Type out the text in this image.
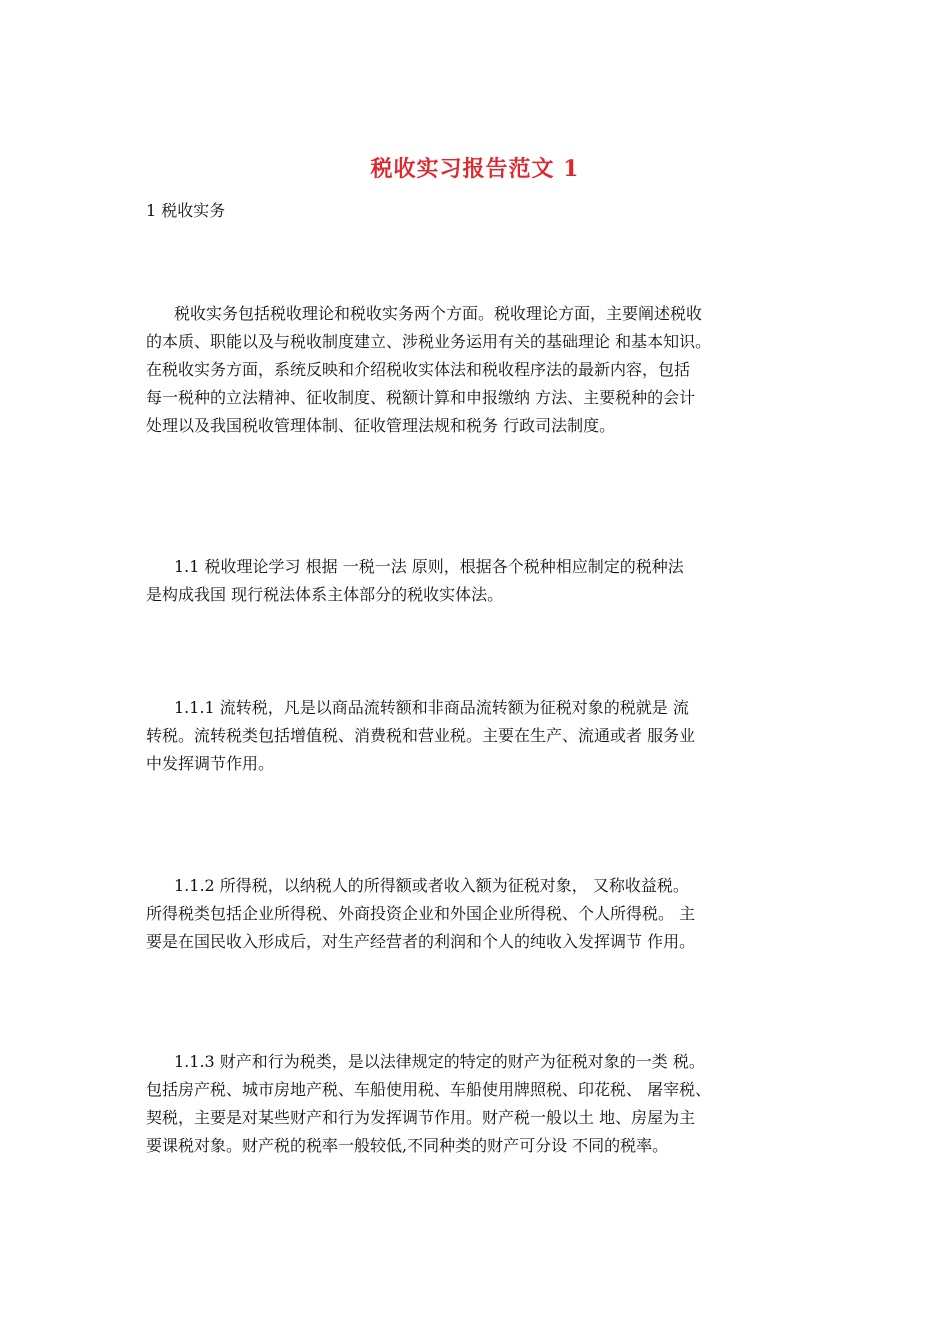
税收实习报告范文 1
1 税收实务
税收实务包括税收理论和税收实务两个方面。税收理论方面，主要阐述税收
的本质、职能以及与税收制度建立、涉税业务运用有关的基础理论 和基本知识。
在税收实务方面，系统反映和介绍税收实体法和税收程序法的最新内容，包括
每一税种的立法精神、征收制度、税额计算和申报缴纳 方法、主要税种的会计
处理以及我国税收管理体制、征收管理法规和税务 行政司法制度。
1.1 税收理论学习 根据 一税一法 原则，根据各个税种相应制定的税种法
是构成我国 现行税法体系主体部分的税收实体法。
1.1.1 流转税，凡是以商品流转额和非商品流转额为征税对象的税就是 流
转税。流转税类包括增值税、消费税和营业税。主要在生产、流通或者 服务业
中发挥调节作用。
1.1.2 所得税，以纳税人的所得额或者收入额为征税对象， 又称收益税。
所得税类包括企业所得税、外商投资企业和外国企业所得税、个人所得税。 主
要是在国民收入形成后，对生产经营者的利润和个人的纯收入发挥调节 作用。
1.1.3 财产和行为税类，是以法律规定的特定的财产为征税对象的一类 税。
包括房产税、城市房地产税、车船使用税、车船使用牌照税、印花税、 屠宰税、
契税，主要是对某些财产和行为发挥调节作用。财产税一般以土 地、房屋为主
要课税对象。财产税的税率一般较低,不同种类的财产可分设 不同的税率。
